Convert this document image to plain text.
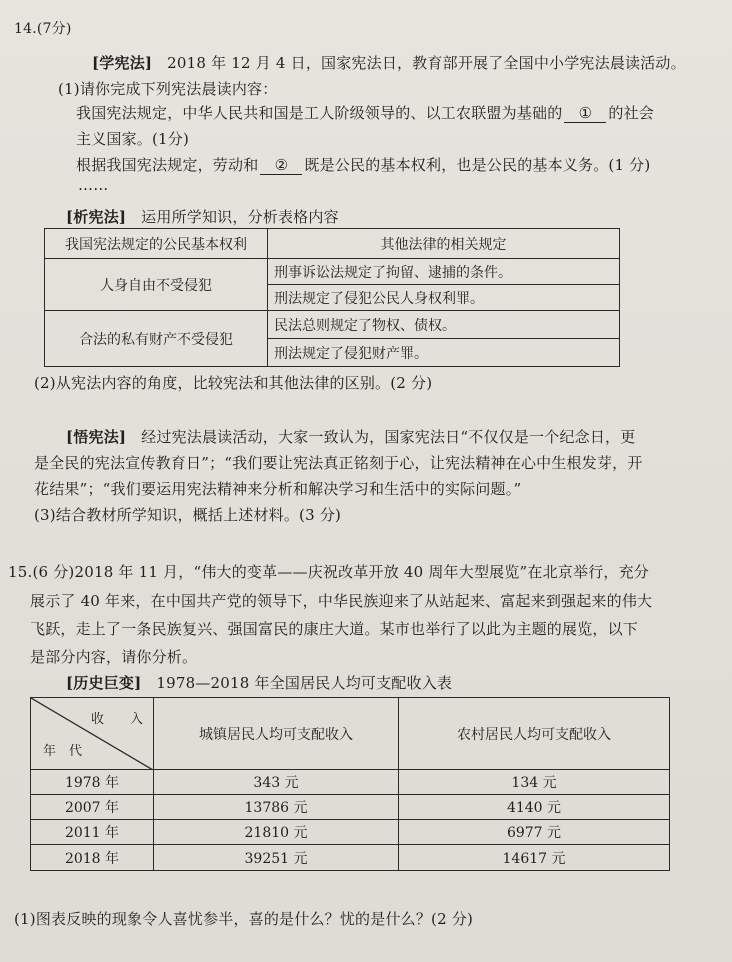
14.(7分)
[学宪法] 2018 年 12 月 4 日，国家宪法日，教育部开展了全国中小学宪法晨读活动。
(1)请你完成下列宪法晨读内容：
我国宪法规定，中华人民共和国是工人阶级领导的、以工农联盟为基础的 ① 的社会
主义国家。(1分)
根据我国宪法规定，劳动和 ② 既是公民的基本权利，也是公民的基本义务。(1 分)
……
[析宪法] 运用所学知识，分析表格内容
我国宪法规定的公民基本权利	其他法律的相关规定
人身自由不受侵犯	刑事诉讼法规定了拘留、逮捕的条件。
	刑法规定了侵犯公民人身权利罪。
合法的私有财产不受侵犯	民法总则规定了物权、债权。
	刑法规定了侵犯财产罪。
(2)从宪法内容的角度，比较宪法和其他法律的区别。(2 分)
[悟宪法] 经过宪法晨读活动，大家一致认为，国家宪法日“不仅仅是一个纪念日，更
是全民的宪法宣传教育日”；“我们要让宪法真正铭刻于心，让宪法精神在心中生根发芽，开
花结果”；“我们要运用宪法精神来分析和解决学习和生活中的实际问题。”
(3)结合教材所学知识，概括上述材料。(3 分)
15.(6 分)2018 年 11 月，“伟大的变革——庆祝改革开放 40 周年大型展览”在北京举行，充分
展示了 40 年来，在中国共产党的领导下，中华民族迎来了从站起来、富起来到强起来的伟大
飞跃，走上了一条民族复兴、强国富民的康庄大道。某市也举行了以此为主题的展览，以下
是部分内容，请你分析。
[历史巨变] 1978—2018 年全国居民人均可支配收入表
收　　入
年　代	城镇居民人均可支配收入	农村居民人均可支配收入
1978 年	343 元	134 元
2007 年	13786 元	4140 元
2011 年	21810 元	6977 元
2018 年	39251 元	14617 元
(1)图表反映的现象令人喜忧参半，喜的是什么？忧的是什么？(2 分)
